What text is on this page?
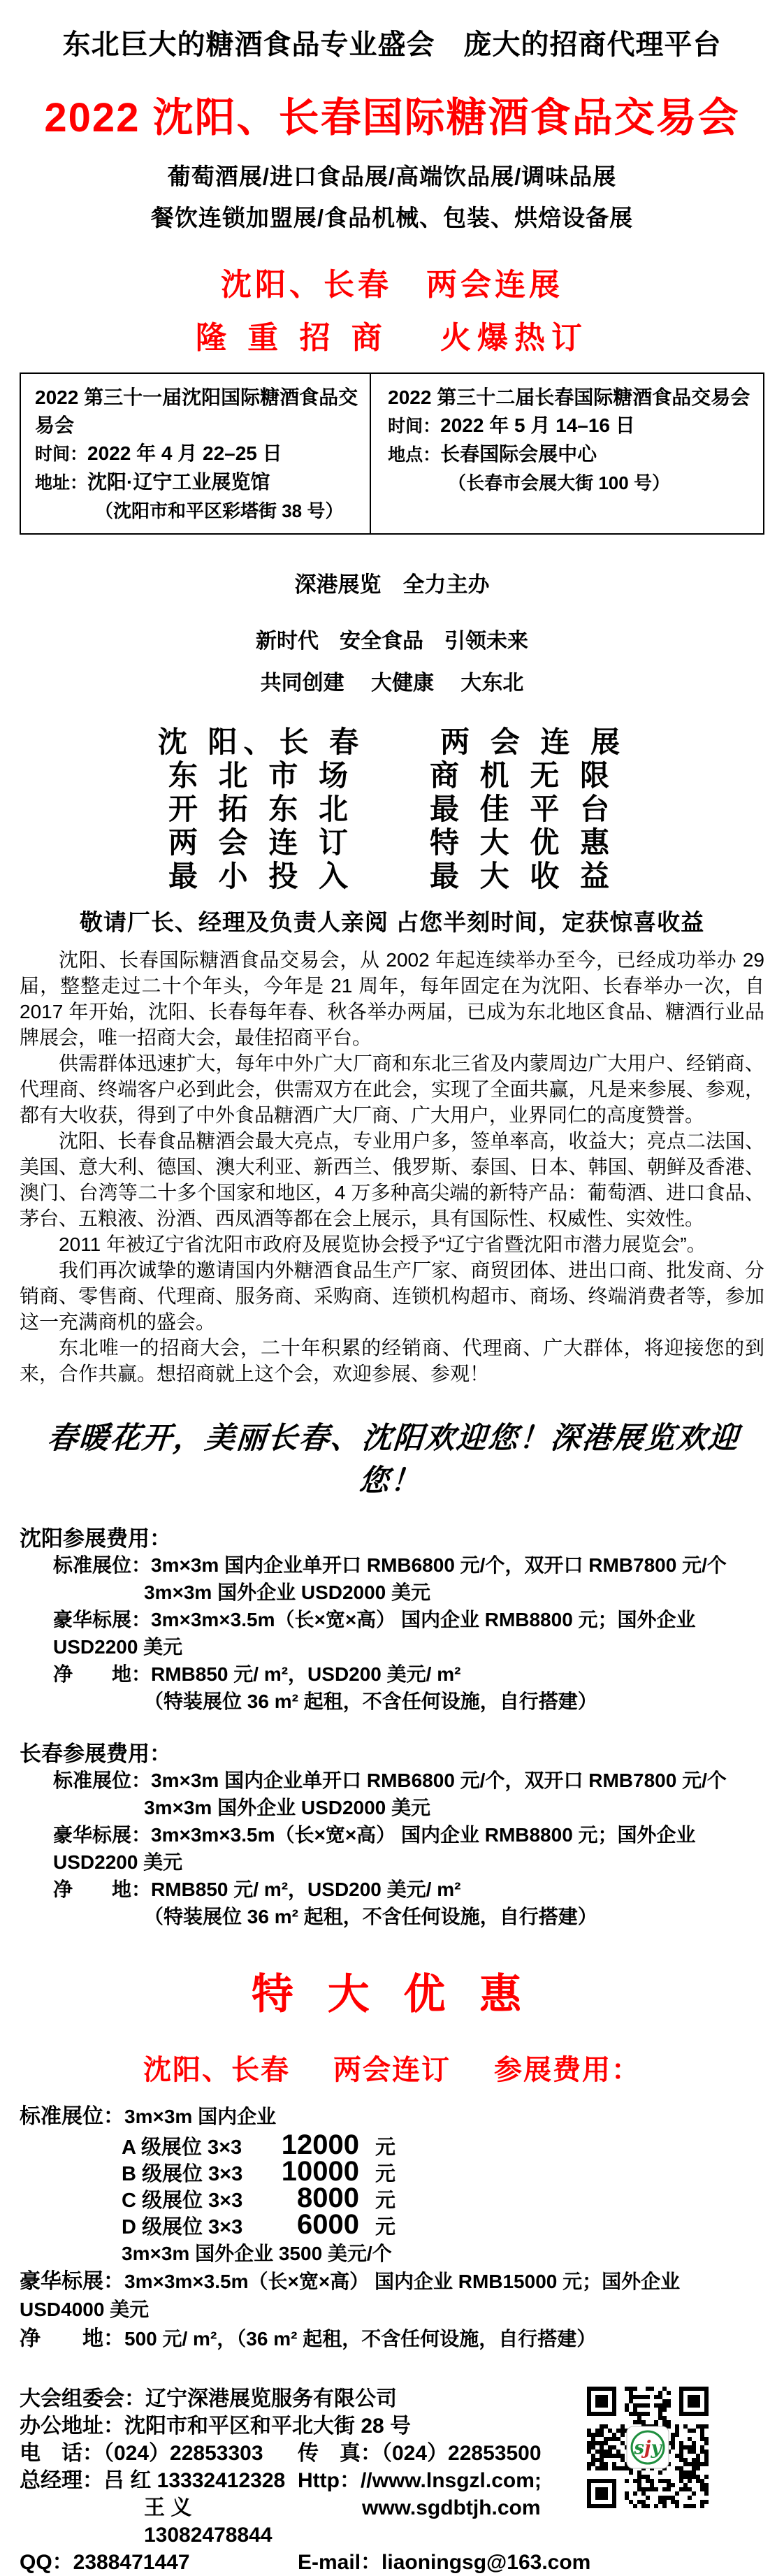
东北巨大的糖酒食品专业盛会　庞大的招商代理平台
2022 沈阳、长春国际糖酒食品交易会
葡萄酒展/进口食品展/高端饮品展/调味品展
餐饮连锁加盟展/食品机械、包装、烘焙设备展
沈阳、长春　两会连展
隆 重 招 商　 火爆热订
2022 第三十一届沈阳国际糖酒食品交易会
时间：2022 年 4 月 22–25 日
地址：沈阳·辽宁工业展览馆
（沈阳市和平区彩塔街 38 号）
2022 第三十二届长春国际糖酒食品交易会
时间：2022 年 5 月 14–16 日
地点：长春国际会展中心
（长春市会展大街 100 号）
深港展览　全力主办
新时代　安全食品　引领未来
共同创建　 大健康　 大东北
沈 阳、长 春	两 会 连 展
东 北 市 场	商 机 无 限
开 拓 东 北	最 佳 平 台
两 会 连 订	特 大 优 惠
最 小 投 入	最 大 收 益
敬请厂长、经理及负责人亲阅 占您半刻时间，定获惊喜收益

沈阳、长春国际糖酒食品交易会，从 2002 年起连续举办至今，已经成功举办 29 届，整整走过二十个年头，今年是 21 周年，每年固定在为沈阳、长春举办一次，自 2017 年开始，沈阳、长春每年春、秋各举办两届，已成为东北地区食品、糖酒行业品牌展会，唯一招商大会，最佳招商平台。

供需群体迅速扩大，每年中外广大厂商和东北三省及内蒙周边广大用户、经销商、代理商、终端客户必到此会，供需双方在此会，实现了全面共赢，凡是来参展、参观，都有大收获，得到了中外食品糖酒广大厂商、广大用户，业界同仁的高度赞誉。

沈阳、长春食品糖酒会最大亮点，专业用户多，签单率高，收益大；亮点二法国、美国、意大利、德国、澳大利亚、新西兰、俄罗斯、泰国、日本、韩国、朝鲜及香港、澳门、台湾等二十多个国家和地区，4 万多种高尖端的新特产品：葡萄酒、进口食品、茅台、五粮液、汾酒、西凤酒等都在会上展示，具有国际性、权威性、实效性。

2011 年被辽宁省沈阳市政府及展览协会授予“辽宁省暨沈阳市潜力展览会”。

我们再次诚挚的邀请国内外糖酒食品生产厂家、商贸团体、进出口商、批发商、分销商、零售商、代理商、服务商、采购商、连锁机构超市、商场、终端消费者等，参加这一充满商机的盛会。

东北唯一的招商大会，二十年积累的经销商、代理商、广大群体，将迎接您的到来，合作共赢。想招商就上这个会，欢迎参展、参观！

春暖花开，美丽长春、沈阳欢迎您！深港展览欢迎您！
沈阳参展费用：
标准展位：3m×3m 国内企业单开口 RMB6800 元/个，双开口 RMB7800 元/个
3m×3m 国外企业 USD2000 美元
豪华标展：3m×3m×3.5m（长×宽×高） 国内企业 RMB8800 元；国外企业 USD2200 美元
净　　地：RMB850 元/ m²，USD200 美元/ m²
（特装展位 36 m² 起租，不含任何设施，自行搭建）
长春参展费用：
标准展位：3m×3m 国内企业单开口 RMB6800 元/个，双开口 RMB7800 元/个
3m×3m 国外企业 USD2000 美元
豪华标展：3m×3m×3.5m（长×宽×高） 国内企业 RMB8800 元；国外企业 USD2200 美元
净　　地：RMB850 元/ m²，USD200 美元/ m²
（特装展位 36 m² 起租，不含任何设施，自行搭建）
特 大 优 惠
沈阳、长春 两会连订 参展费用：
标准展位：3m×3m 国内企业
A 级展位 3×3	12000 元
B 级展位 3×3	10000 元
C 级展位 3×3	8000 元
D 级展位 3×3	6000 元
3m×3m 国外企业 3500 美元/个
豪华标展：3m×3m×3.5m（长×宽×高） 国内企业 RMB15000 元；国外企业 USD4000 美元
净　　地：500 元/ m²，（36 m² 起租，不含任何设施，自行搭建）
大会组委会：辽宁深港展览服务有限公司
办公地址：沈阳市和平区和平北大街 28 号
电　话：（024）22853303	传　真：（024）22853500
总经理：吕 红 13332412328 Http：//www.lnsgzl.com;
王 义 13082478844
www.sgdbtjh.com
QQ：2388471447	E-mail：liaoningsg@163.com
sjy
